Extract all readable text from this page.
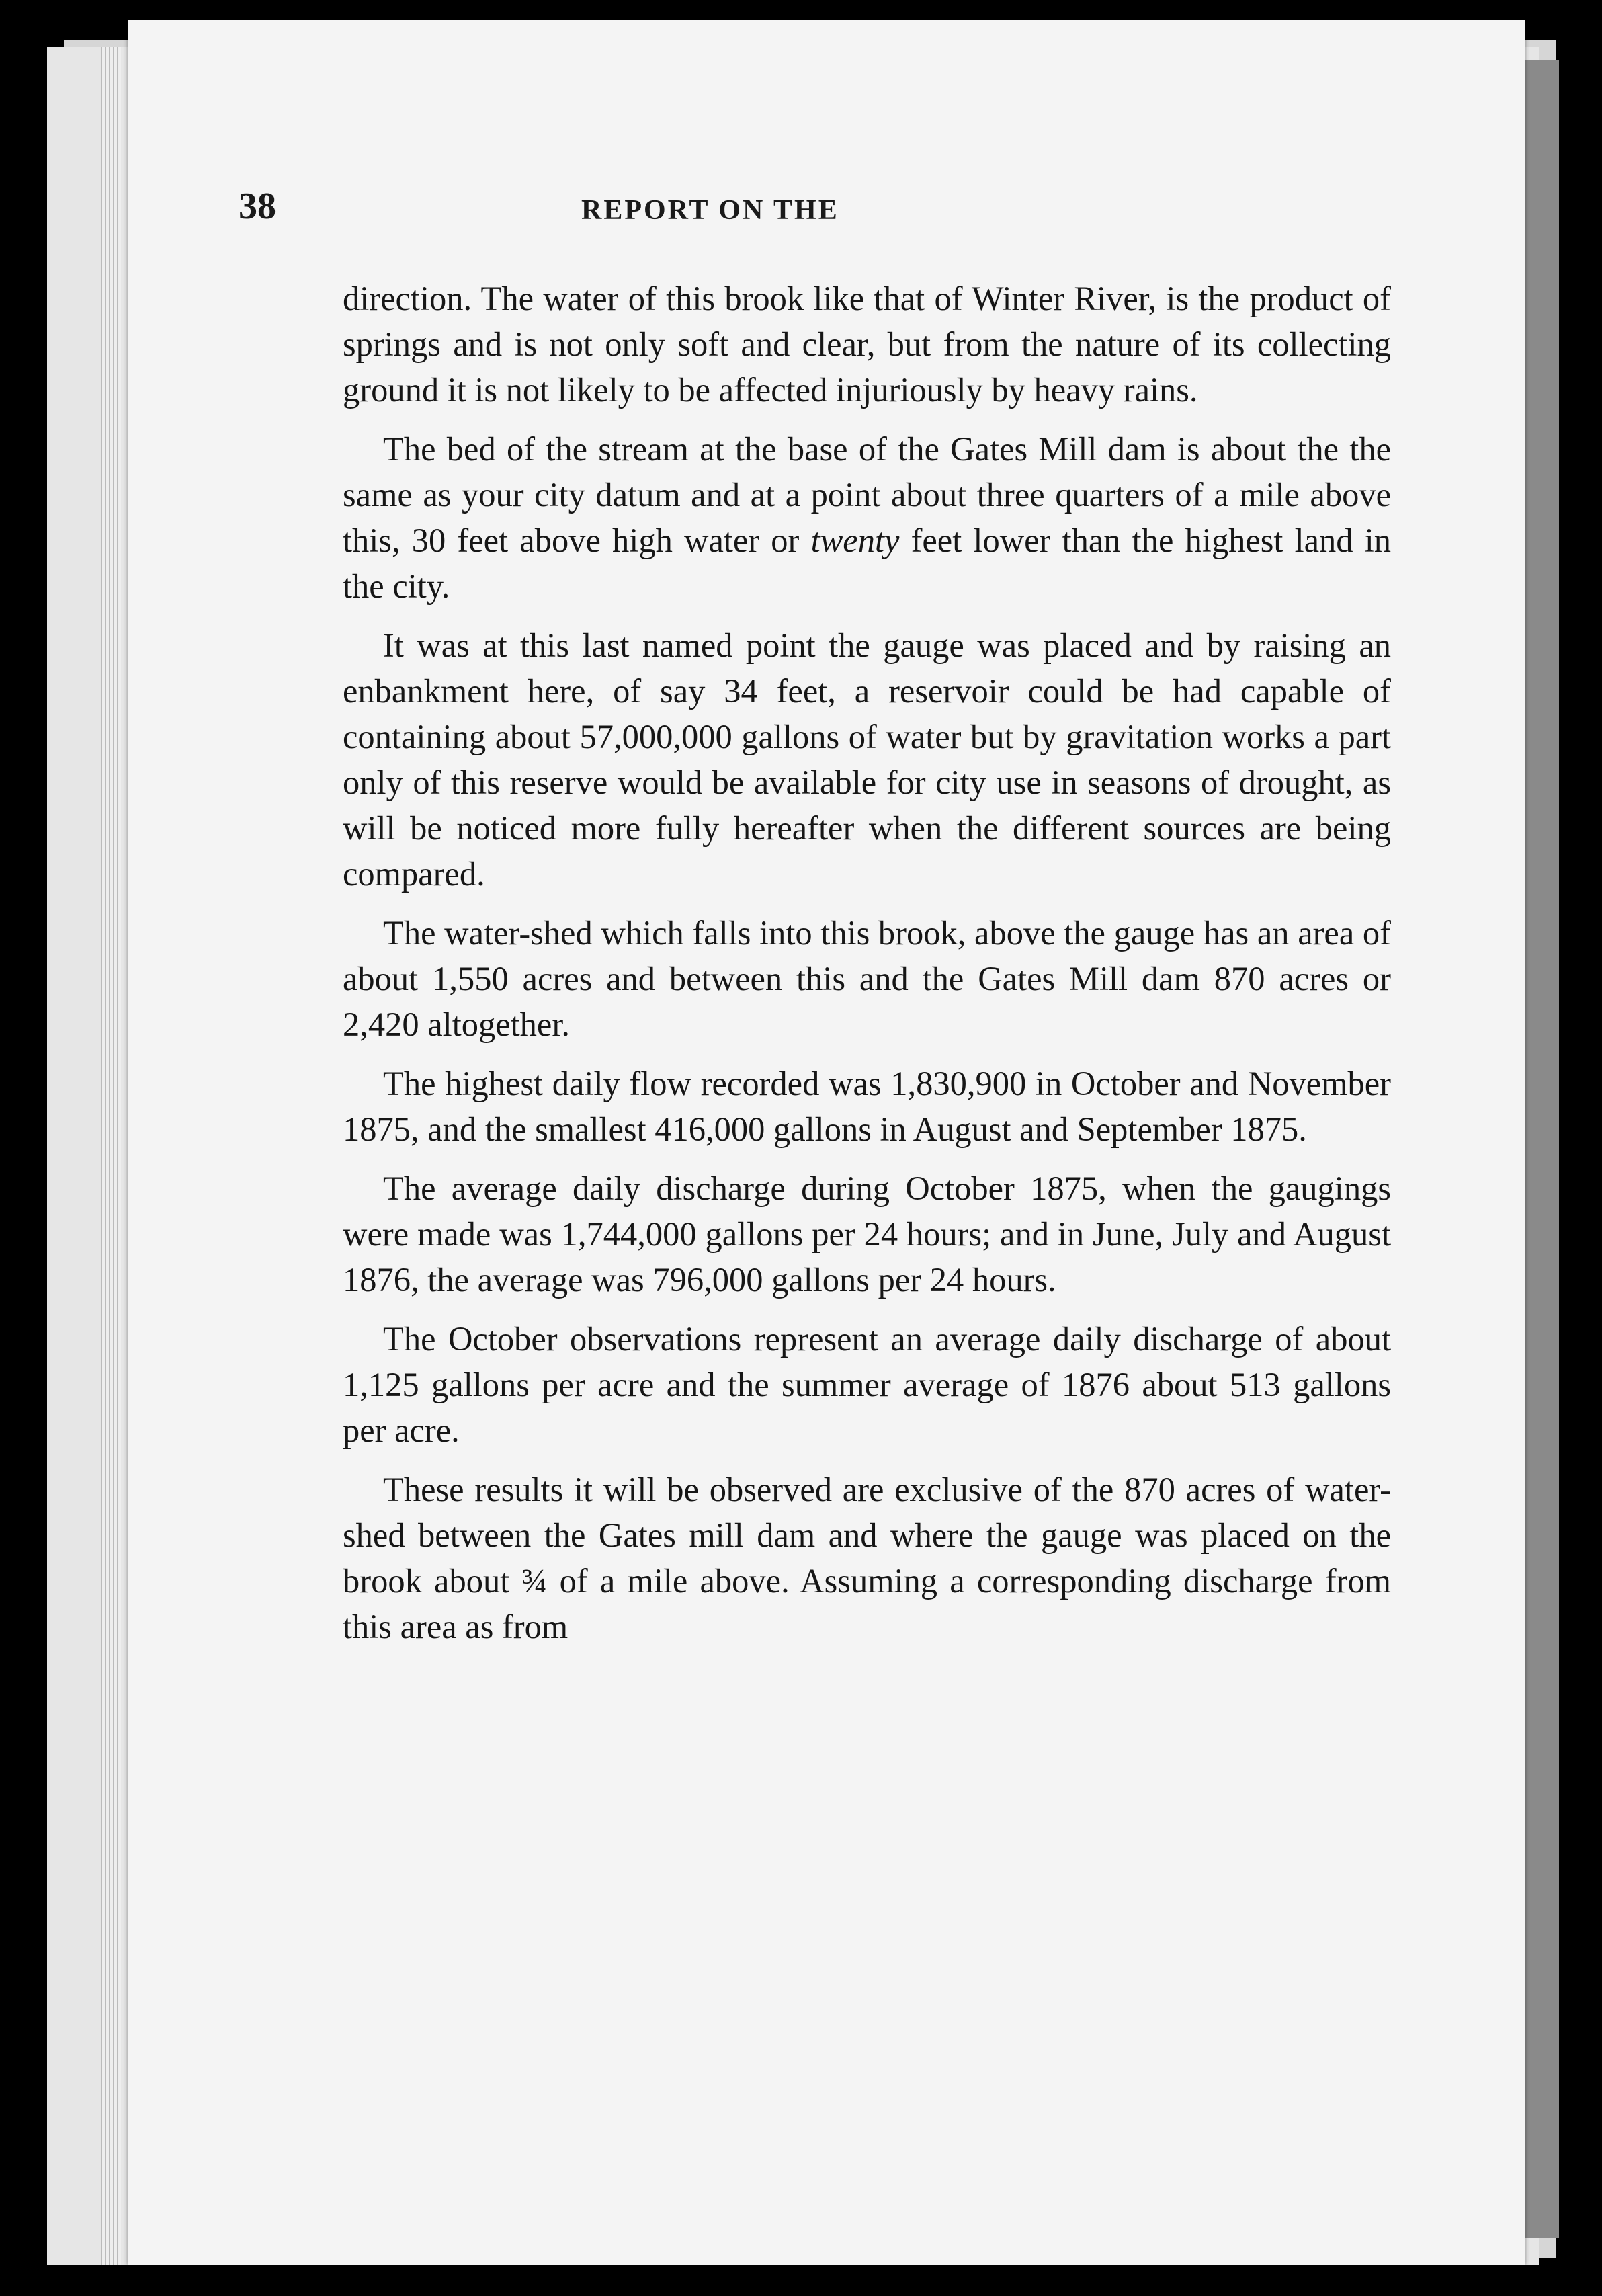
38	REPORT ON THE

direction. The water of this brook like that of Winter River, is the product of springs and is not only soft and clear, but from the nature of its collecting ground it is not likely to be affected injuriously by heavy rains.

The bed of the stream at the base of the Gates Mill dam is about the the same as your city datum and at a point about three quarters of a mile above this, 30 feet above high water or twenty feet lower than the highest land in the city.

It was at this last named point the gauge was placed and by raising an enbankment here, of say 34 feet, a reservoir could be had capable of containing about 57,000,000 gallons of water but by gravitation works a part only of this reserve would be available for city use in seasons of drought, as will be noticed more fully hereafter when the different sources are being compared.

The water-shed which falls into this brook, above the gauge has an area of about 1,550 acres and between this and the Gates Mill dam 870 acres or 2,420 altogether.

The highest daily flow recorded was 1,830,900 in October and November 1875, and the smallest 416,000 gallons in August and September 1875.

The average daily discharge during October 1875, when the gaugings were made was 1,744,000 gallons per 24 hours; and in June, July and August 1876, the average was 796,000 gallons per 24 hours.

The October observations represent an average daily discharge of about 1,125 gallons per acre and the summer average of 1876 about 513 gallons per acre.

These results it will be observed are exclusive of the 870 acres of water-shed between the Gates mill dam and where the gauge was placed on the brook about ¾ of a mile above. Assuming a corresponding discharge from this area as from
